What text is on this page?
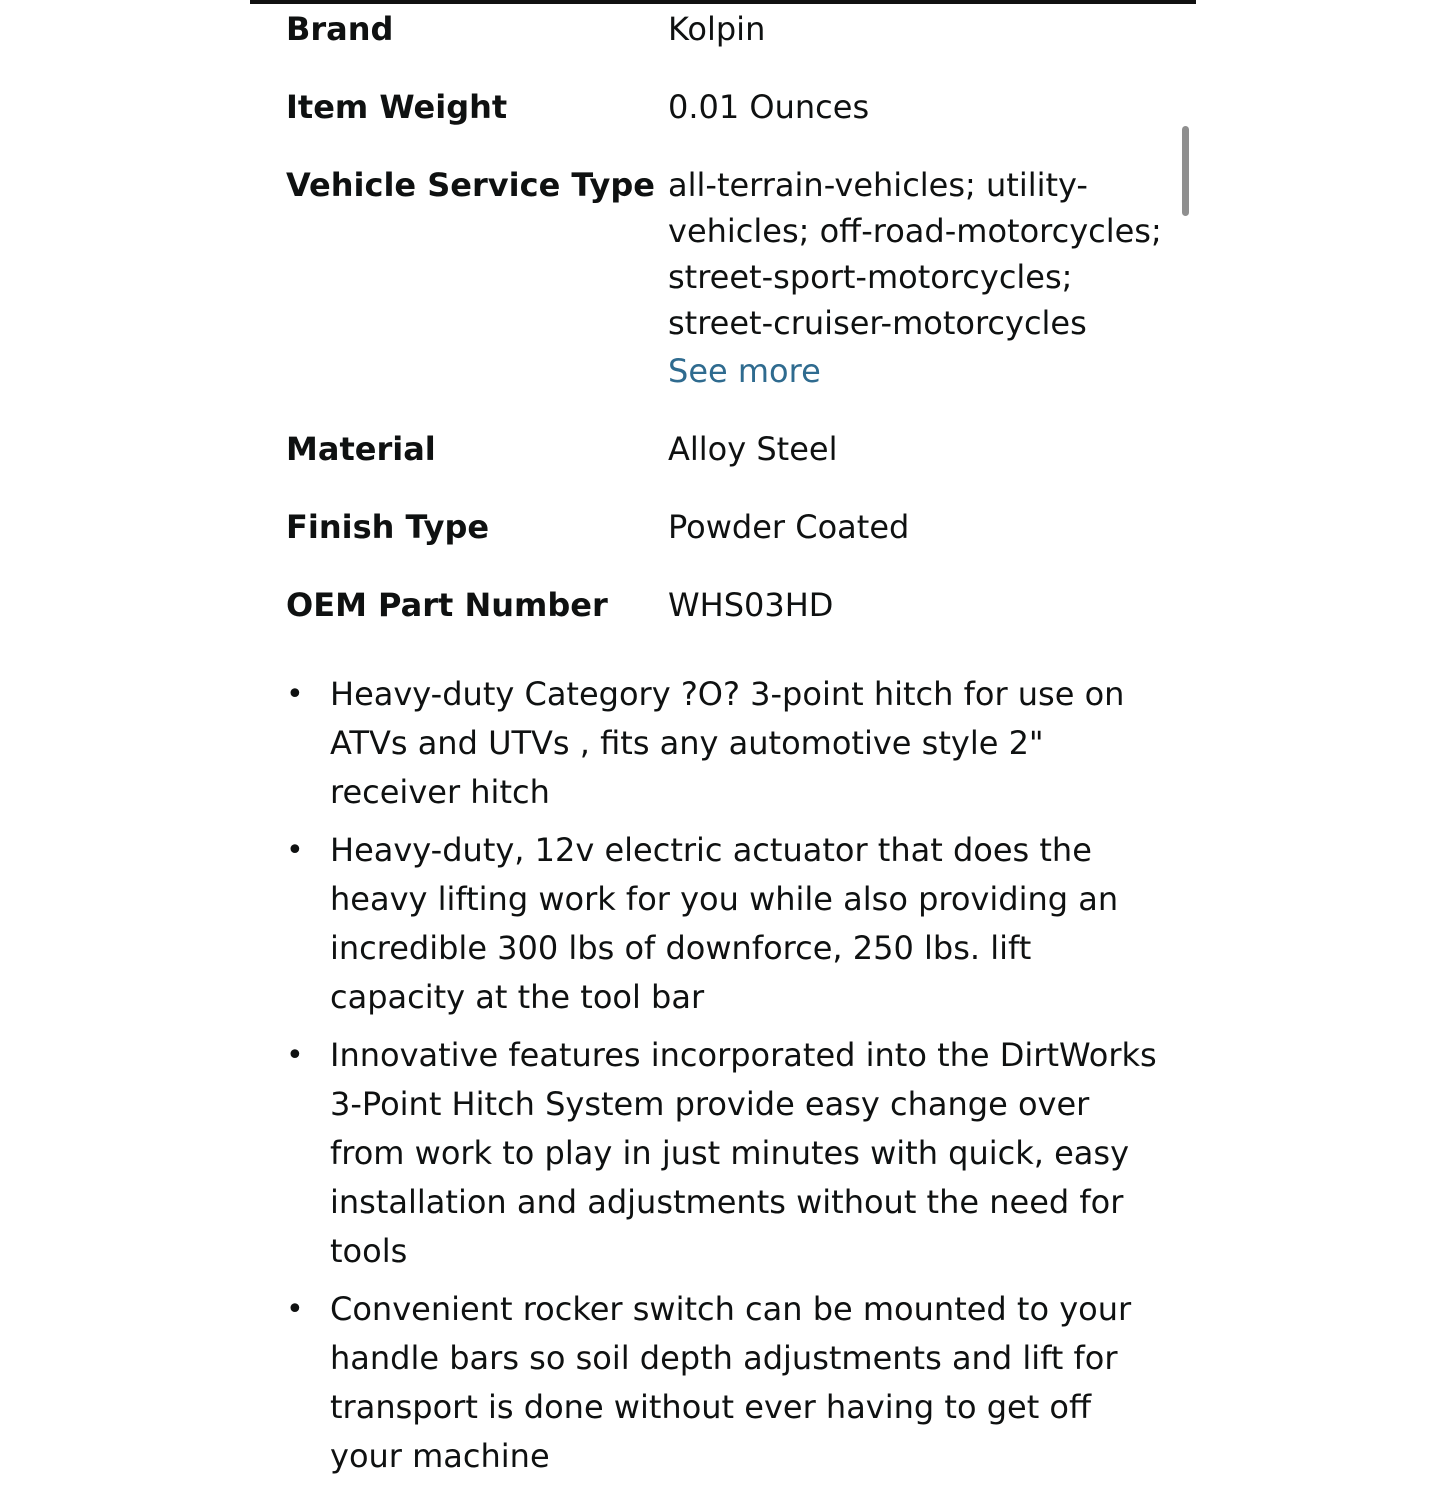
Brand	Kolpin
Item Weight	0.01 Ounces
Vehicle Service Type all-terrain-vehicles; utility-vehicles; off-road-motorcycles; street-sport-motorcycles; street-cruiser-motorcycles
See more
Material	Alloy Steel
Finish Type	Powder Coated
OEM Part Number	WHS03HD
• Heavy-duty Category ?O? 3-point hitch for use on ATVs and UTVs , fits any automotive style 2" receiver hitch
• Heavy-duty, 12v electric actuator that does the heavy lifting work for you while also providing an incredible 300 lbs of downforce, 250 lbs. lift capacity at the tool bar
• Innovative features incorporated into the DirtWorks 3-Point Hitch System provide easy change over from work to play in just minutes with quick, easy installation and adjustments without the need for tools
• Convenient rocker switch can be mounted to your handle bars so soil depth adjustments and lift for transport is done without ever having to get off your machine
